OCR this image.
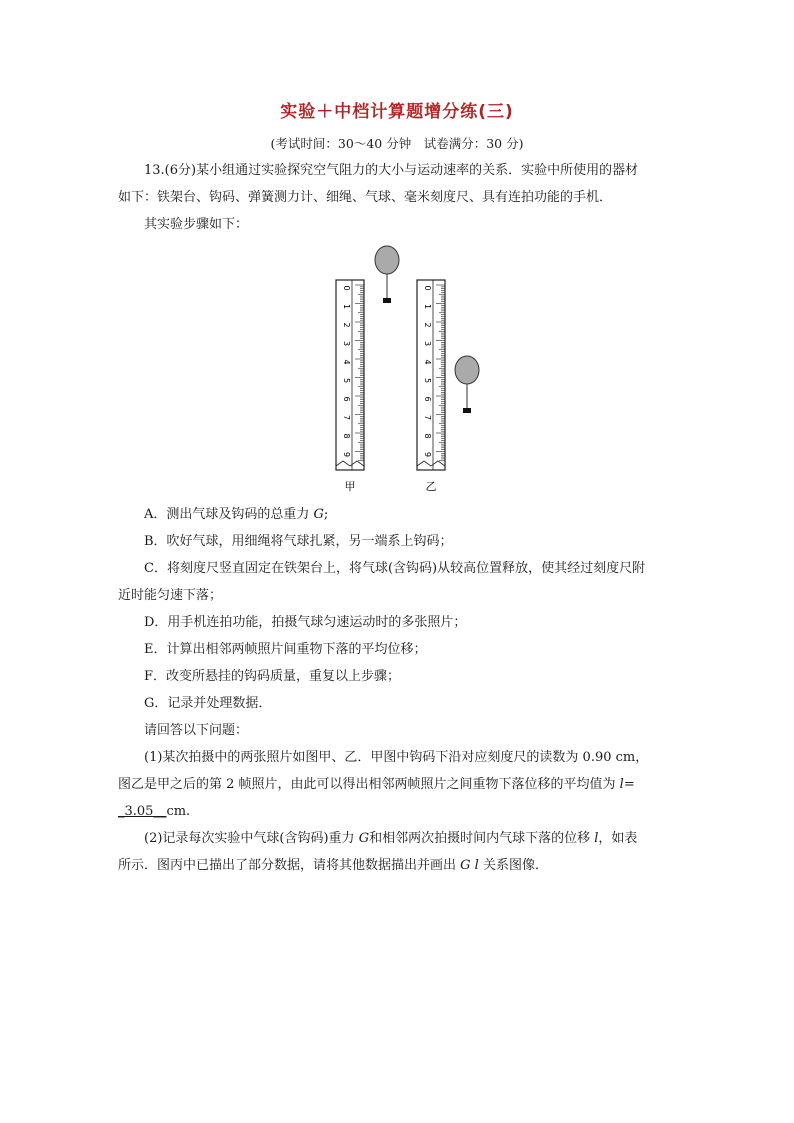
实验＋中档计算题增分练(三)
(考试时间：30～40 分钟　试卷满分：30 分)
13.(6分)某小组通过实验探究空气阻力的大小与运动速率的关系．实验中所使用的器材
如下：铁架台、钩码、弹簧测力计、细绳、气球、毫米刻度尺、具有连拍功能的手机．
其实验步骤如下：
0
1
2
3
4
5
6
7
8
9
0
1
2
3
4
5
6
7
8
9
甲	乙
A．测出气球及钩码的总重力 G;
B．吹好气球，用细绳将气球扎紧，另一端系上钩码；
C．将刻度尺竖直固定在铁架台上，将气球(含钩码)从较高位置释放，使其经过刻度尺附
近时能匀速下落；
D．用手机连拍功能，拍摄气球匀速运动时的多张照片；
E．计算出相邻两帧照片间重物下落的平均位移；
F．改变所悬挂的钩码质量，重复以上步骤；
G．记录并处理数据．
请回答以下问题：
(1)某次拍摄中的两张照片如图甲、乙．甲图中钩码下沿对应刻度尺的读数为 0.90 cm，
图乙是甲之后的第 2 帧照片，由此可以得出相邻两帧照片之间重物下落位移的平均值为 l=
_3.05__cm.
(2)记录每次实验中气球(含钩码)重力 G和相邻两次拍摄时间内气球下落的位移 l，如表
所示．图丙中已描出了部分数据，请将其他数据描出并画出 G l 关系图像．
